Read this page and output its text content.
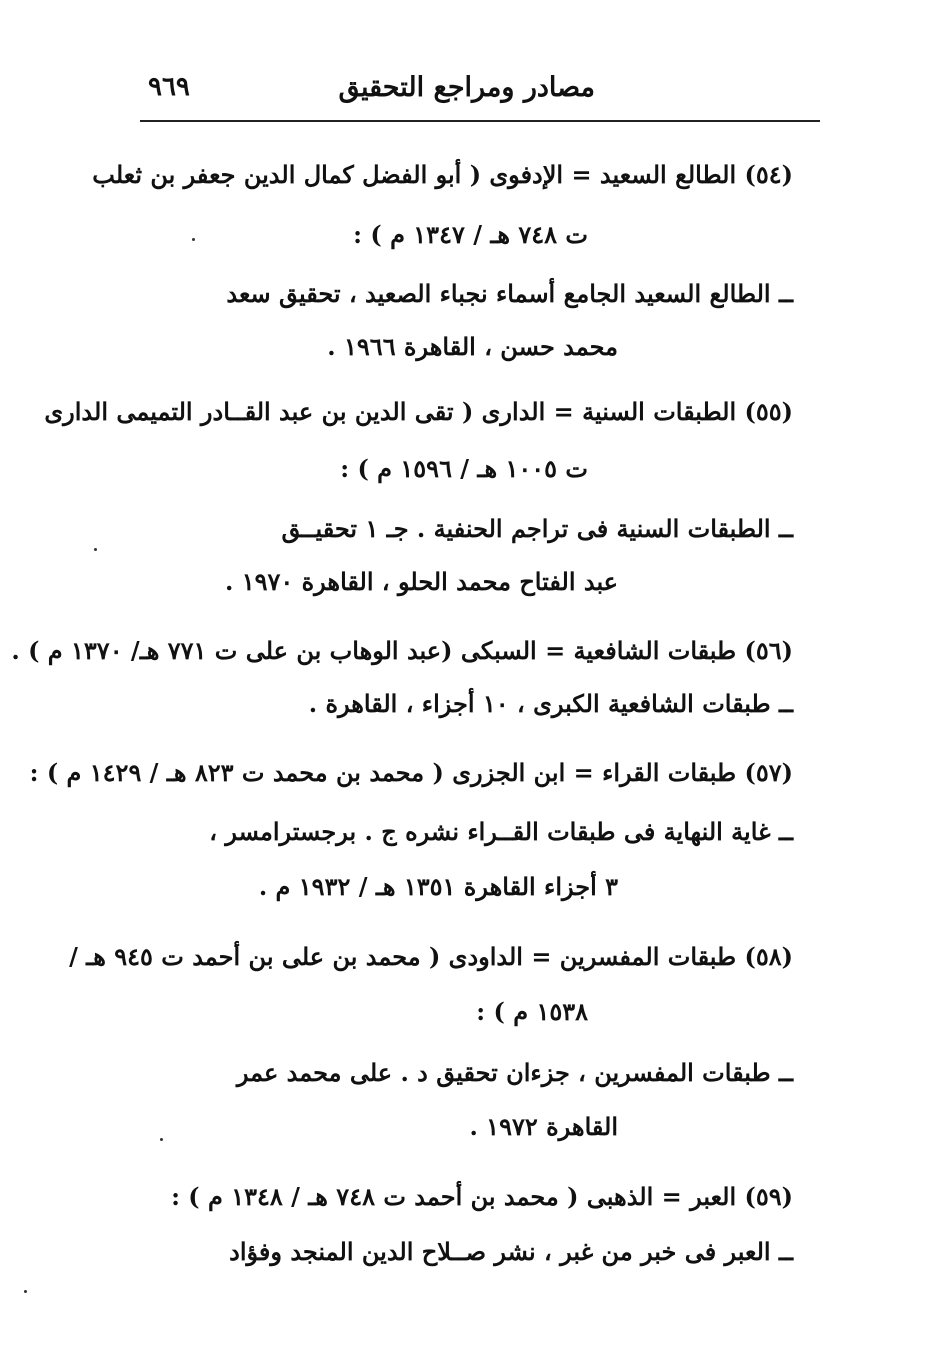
مصادر ومراجع التحقيق
٩٦٩
(٥٤) الطالع السعيد = الإدفوى ( أبو الفضل كمال الدين جعفر بن ثعلب
ت ٧٤٨ هـ / ١٣٤٧ م ) :
ــ الطالع السعيد الجامع أسماء نجباء الصعيد ، تحقيق سعد
محمد حسن ، القاهرة ١٩٦٦ .
(٥٥) الطبقات السنية = الدارى ( تقى الدين بن عبد القــادر التميمى الدارى
ت ١٠٠٥ هـ / ١٥٩٦ م ) :
ــ الطبقات السنية فى تراجم الحنفية . جـ ١ تحقيــق
عبد الفتاح محمد الحلو ، القاهرة ١٩٧٠ .
(٥٦) طبقات الشافعية = السبكى (عبد الوهاب بن على ت ٧٧١ هـ/ ١٣٧٠ م ) .
ــ طبقات الشافعية الكبرى ، ١٠ أجزاء ، القاهرة .
(٥٧) طبقات القراء = ابن الجزرى ( محمد بن محمد ت ٨٢٣ هـ / ١٤٢٩ م ) :
ــ غاية النهاية فى طبقات القــراء نشره ج . برجسترامسر ،
٣ أجزاء القاهرة ١٣٥١ هـ / ١٩٣٢ م .
(٥٨) طبقات المفسرين = الداودى ( محمد بن على بن أحمد ت ٩٤٥ هـ /
١٥٣٨ م ) :
ــ طبقات المفسرين ، جزءان تحقيق د . على محمد عمر
القاهرة ١٩٧٢ .
(٥٩) العبر = الذهبى ( محمد بن أحمد ت ٧٤٨ هـ / ١٣٤٨ م ) :
ــ العبر فى خبر من غبر ، نشر صــلاح الدين المنجد وفؤاد
